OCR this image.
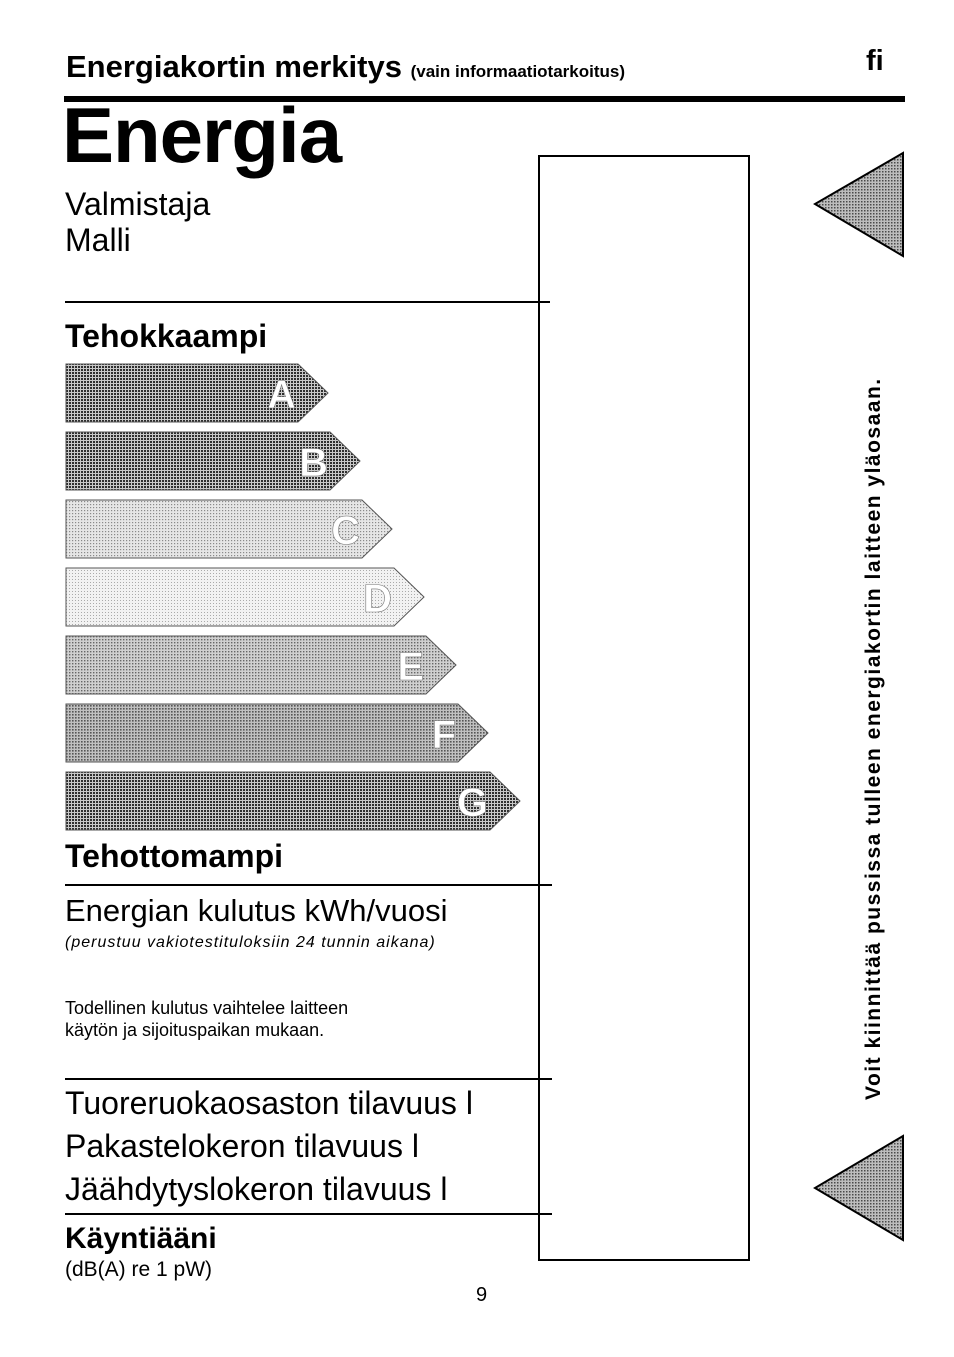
Energiakortin merkitys (vain informaatiotarkoitus)	fi
Energia
Valmistaja
Malli
Tehokkaampi
A
B
C
D
E
F
G
Tehottomampi
Energian kulutus kWh/vuosi
(perustuu vakiotestituloksiin 24 tunnin aikana)
Todellinen kulutus vaihtelee laitteen käytön ja sijoituspaikan mukaan.
Tuoreruokaosaston tilavuus l
Pakastelokeron tilavuus l
Jäähdytyslokeron tilavuus l
Käyntiääni
(dB(A) re 1 pW)
9
Voit kiinnittää pussissa tulleen energiakortin laitteen yläosaan.
